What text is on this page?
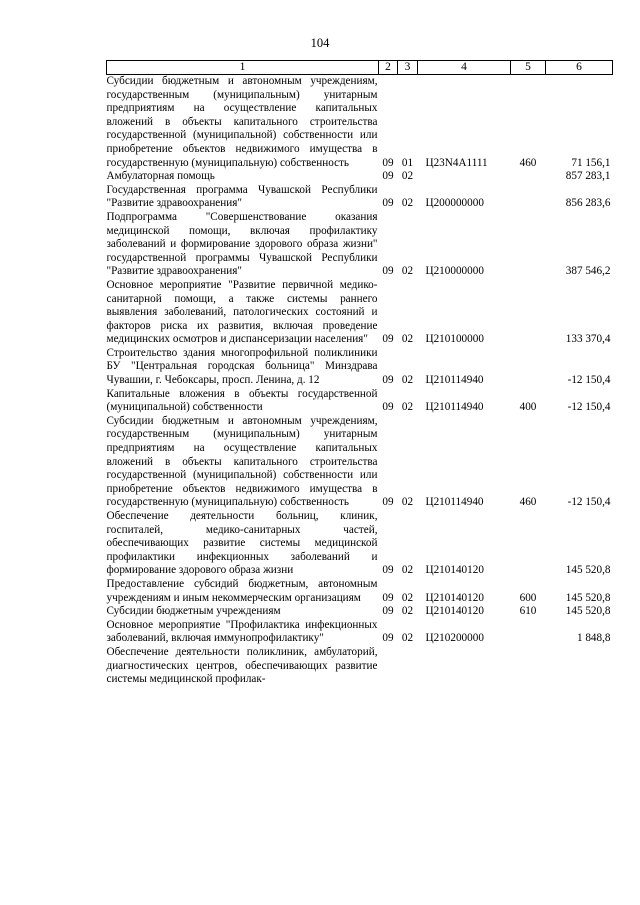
104
1	2	3	4	5	6
Субсидии бюджетным и автономным учреждениям, государственным (муниципальным) унитарным предприятиям на осуществление капитальных вложений в объекты капитального строительства государственной (муниципальной) собственности или приобретение объектов недвижимого имущества в государственную (муниципальную) собственность	09	01	Ц23N4A1111	460	71 156,1
Амбулаторная помощь	09	02			857 283,1
Государственная программа Чувашской Республики "Развитие здравоохранения"	09	02	Ц200000000		856 283,6
Подпрограмма "Совершенствование оказания медицинской помощи, включая профилактику заболеваний и формирование здорового образа жизни" государственной программы Чувашской Республики "Развитие здравоохранения"	09	02	Ц210000000		387 546,2
Основное мероприятие "Развитие первичной медико-санитарной помощи, а также системы раннего выявления заболеваний, патологических состояний и факторов риска их развития, включая проведение медицинских осмотров и диспансеризации населения"	09	02	Ц210100000		133 370,4
Строительство здания многопрофильной поликлиники БУ "Центральная городская больница" Минздрава Чувашии, г. Чебоксары, просп. Ленина, д. 12	09	02	Ц210114940		-12 150,4
Капитальные вложения в объекты государственной (муниципальной) собственности	09	02	Ц210114940	400	-12 150,4
Субсидии бюджетным и автономным учреждениям, государственным (муниципальным) унитарным предприятиям на осуществление капитальных вложений в объекты капитального строительства государственной (муниципальной) собственности или приобретение объектов недвижимого имущества в государственную (муниципальную) собственность	09	02	Ц210114940	460	-12 150,4
Обеспечение деятельности больниц, клиник, госпиталей, медико-санитарных частей, обеспечивающих развитие системы медицинской профилактики инфекционных заболеваний и формирование здорового образа жизни	09	02	Ц210140120		145 520,8
Предоставление субсидий бюджетным, автономным учреждениям и иным некоммерческим организациям	09	02	Ц210140120	600	145 520,8
Субсидии бюджетным учреждениям	09	02	Ц210140120	610	145 520,8
Основное мероприятие "Профилактика инфекционных заболеваний, включая иммунопрофилактику"	09	02	Ц210200000		1 848,8
Обеспечение деятельности поликлиник, амбулаторий, диагностических центров, обеспечивающих развитие системы медицинской профилак-					
